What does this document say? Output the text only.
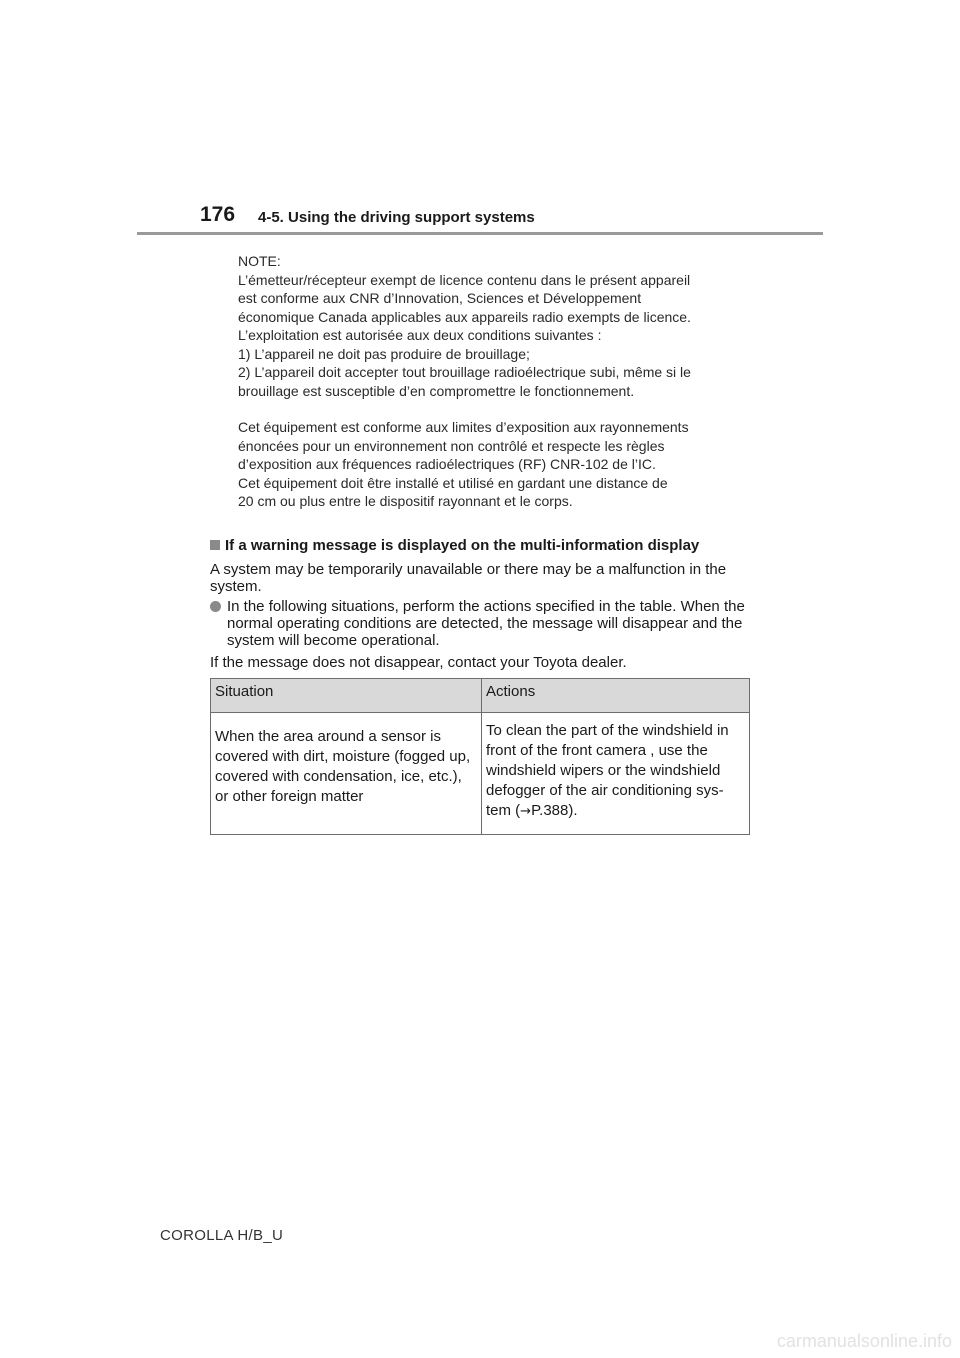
176 4-5. Using the driving support systems

NOTE:

L’émetteur/récepteur exempt de licence contenu dans le présent appareil

est conforme aux CNR d’Innovation, Sciences et Développement

économique Canada applicables aux appareils radio exempts de licence.

L’exploitation est autorisée aux deux conditions suivantes :

1) L’appareil ne doit pas produire de brouillage;

2) L’appareil doit accepter tout brouillage radioélectrique subi, même si le

brouillage est susceptible d’en compromettre le fonctionnement.

Cet équipement est conforme aux limites d’exposition aux rayonnements

énoncées pour un environnement non contrôlé et respecte les règles

d’exposition aux fréquences radioélectriques (RF) CNR-102 de l’IC.

Cet équipement doit être installé et utilisé en gardant une distance de

20 cm ou plus entre le dispositif rayonnant et le corps.

If a warning message is displayed on the multi-information display

A system may be temporarily unavailable or there may be a malfunction in the system.

In the following situations, perform the actions specified in the table. When the normal operating conditions are detected, the message will disappear and the system will become operational.

If the message does not disappear, contact your Toyota dealer.

Situation	Actions
When the area around a sensor is covered with dirt, moisture (fogged up, covered with condensation, ice, etc.), or other foreign matter	To clean the part of the windshield in front of the front camera , use the windshield wipers or the windshield defogger of the air conditioning sys-tem (→P.388).
COROLLA H/B_U
carmanualsonline.info
